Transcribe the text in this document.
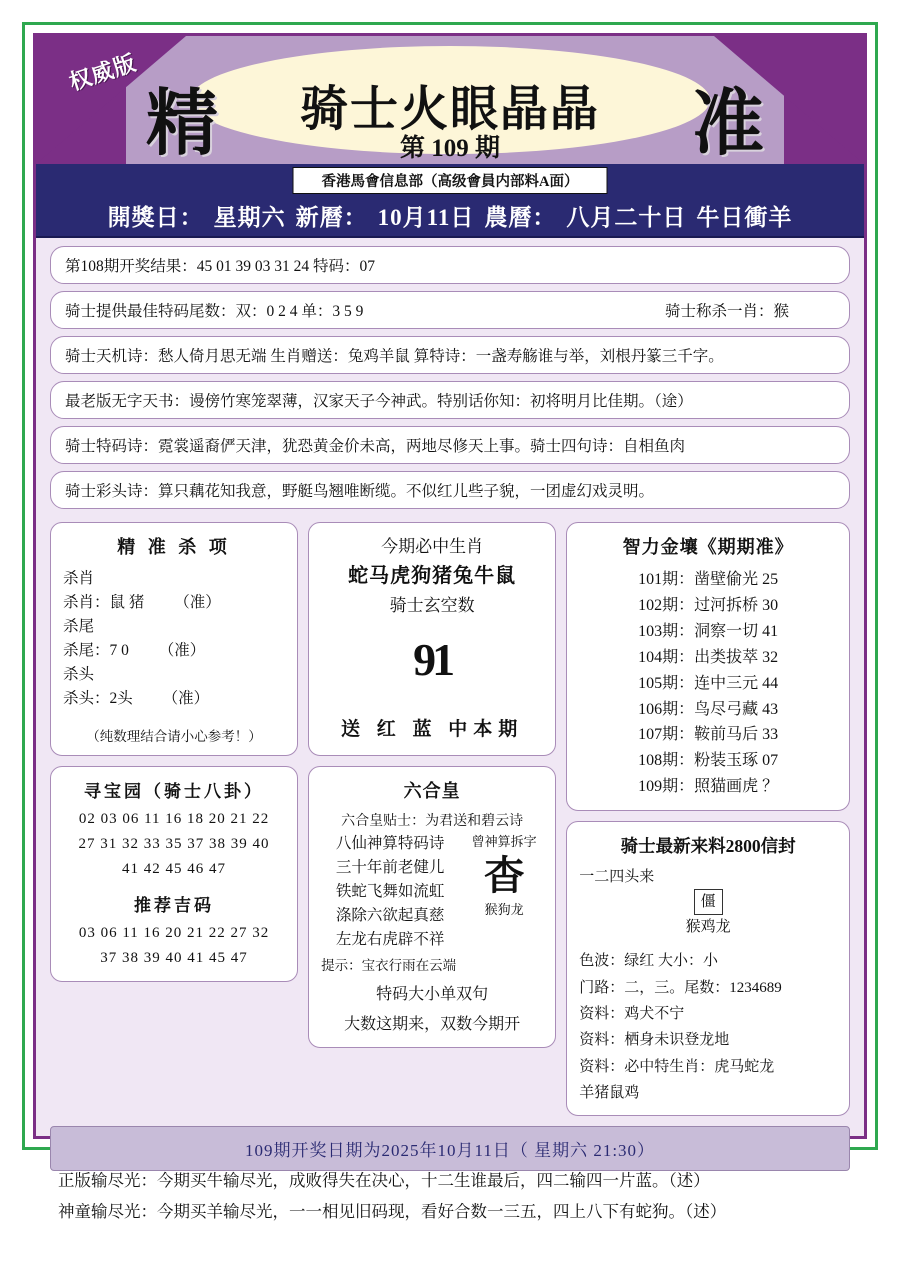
权威版
精	准
骑士火眼晶晶
第 109 期
香港馬會信息部（高级會員内部料A面）
開獎日： 星期六 新曆： 10月11日 農曆： 八月二十日 牛日衝羊
第108期开奖结果：45 01 39 03 31 24 特码：07
骑士提供最佳特码尾数：双：0 2 4 单：3 5 9	骑士称杀一肖：猴
骑士天机诗：愁人倚月思无端 生肖赠送：兔鸡羊鼠 算特诗：一盏寿觞谁与举，刘根丹篆三千字。
最老版无字天书：谩傍竹寒笼翠薄，汉家天子今神武。特别话你知：初将明月比佳期。（途）
骑士特码诗：霓裳遥裔俨天津，犹恐黄金价未高，两地尽修天上事。骑士四句诗：自相鱼肉
骑士彩头诗：算只藕花知我意，野艇鸟翘唯断缆。不似红儿些子貌，一团虚幻戏灵明。
精 准 杀 项
杀肖
杀肖：鼠 猪 （准）
杀尾
杀尾：7 0 （准）
杀头
杀头：2头 （准）
（纯数理结合请小心参考！）
寻宝园（骑士八卦）
02 03 06 11 16 18 20 21 22
27 31 32 33 35 37 38 39 40
41 42 45 46 47
推荐吉码
03 06 11 16 20 21 22 27 32
37 38 39 40 41 45 47
今期必中生肖
蛇马虎狗猪兔牛鼠
骑士玄空数
91
送 红 蓝 中本期
六合皇
六合皇贴士：为君送和碧云诗
八仙神算特码诗
三十年前老健儿
铁蛇飞舞如流虹
涤除六欲起真慈
左龙右虎辟不祥
曾神算拆字
杳
猴狗龙
提示：宝衣行雨在云端
特码大小单双句
大数这期来，双数今期开
智力金壤《期期准》
101期：凿壁偷光 25
102期：过河拆桥 30
103期：洞察一切 41
104期：出类拔萃 32
105期：连中三元 44
106期：鸟尽弓藏 43
107期：鞍前马后 33
108期：粉装玉琢 07
109期：照猫画虎 ？
骑士最新来料2800信封
一二四头来
僵
猴鸡龙
色波：绿红 大小：小
门路：二，三。尾数：1234689
资料：鸡犬不宁
资料：栖身未识登龙地
资料：必中特生肖：虎马蛇龙
羊猪鼠鸡
109期开奖日期为2025年10月11日（ 星期六 21:30）
正版输尽光：今期买牛输尽光，成败得失在决心，十二生谁最后，四二输四一片蓝。（述）
神童输尽光：今期买羊输尽光，一一相见旧码现，看好合数一三五，四上八下有蛇狗。（述）
